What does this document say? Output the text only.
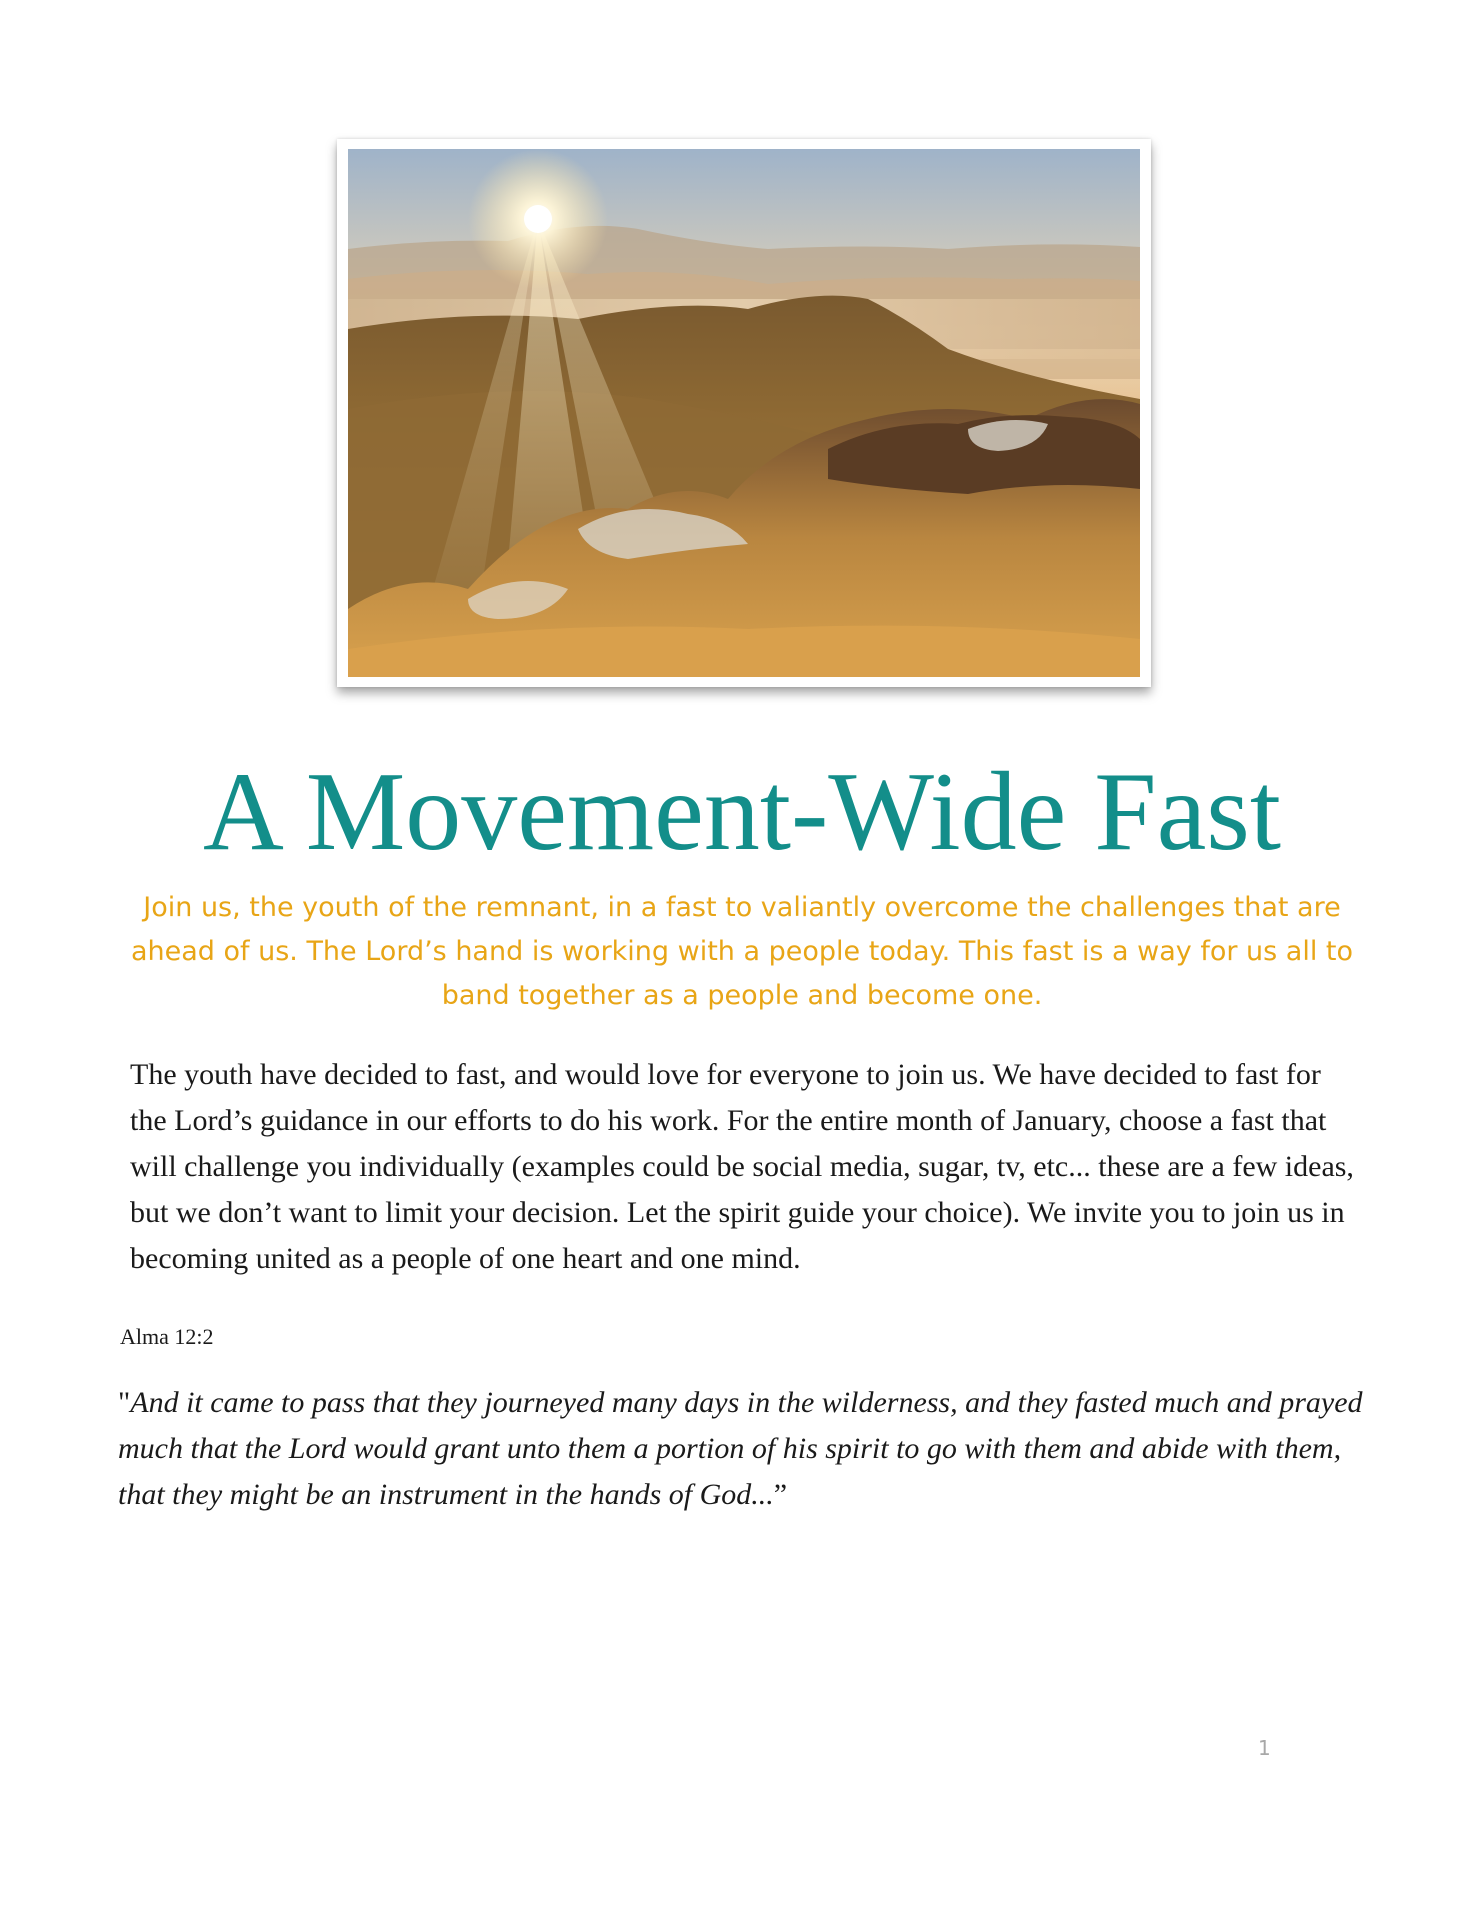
A Movement-Wide Fast
Join us, the youth of the remnant, in a fast to valiantly overcome the challenges that are ahead of us. The Lord’s hand is working with a people today. This fast is a way for us all to band together as a people and become one.
The youth have decided to fast, and would love for everyone to join us. We have decided to fast for the Lord’s guidance in our efforts to do his work. For the entire month of January, choose a fast that will challenge you individually (examples could be social media, sugar, tv, etc... these are a few ideas, but we don’t want to limit your decision. Let the spirit guide your choice). We invite you to join us in becoming united as a people of one heart and one mind.
Alma 12:2
"And it came to pass that they journeyed many days in the wilderness, and they fasted much and prayed much that the Lord would grant unto them a portion of his spirit to go with them and abide with them, that they might be an instrument in the hands of God...”
1
